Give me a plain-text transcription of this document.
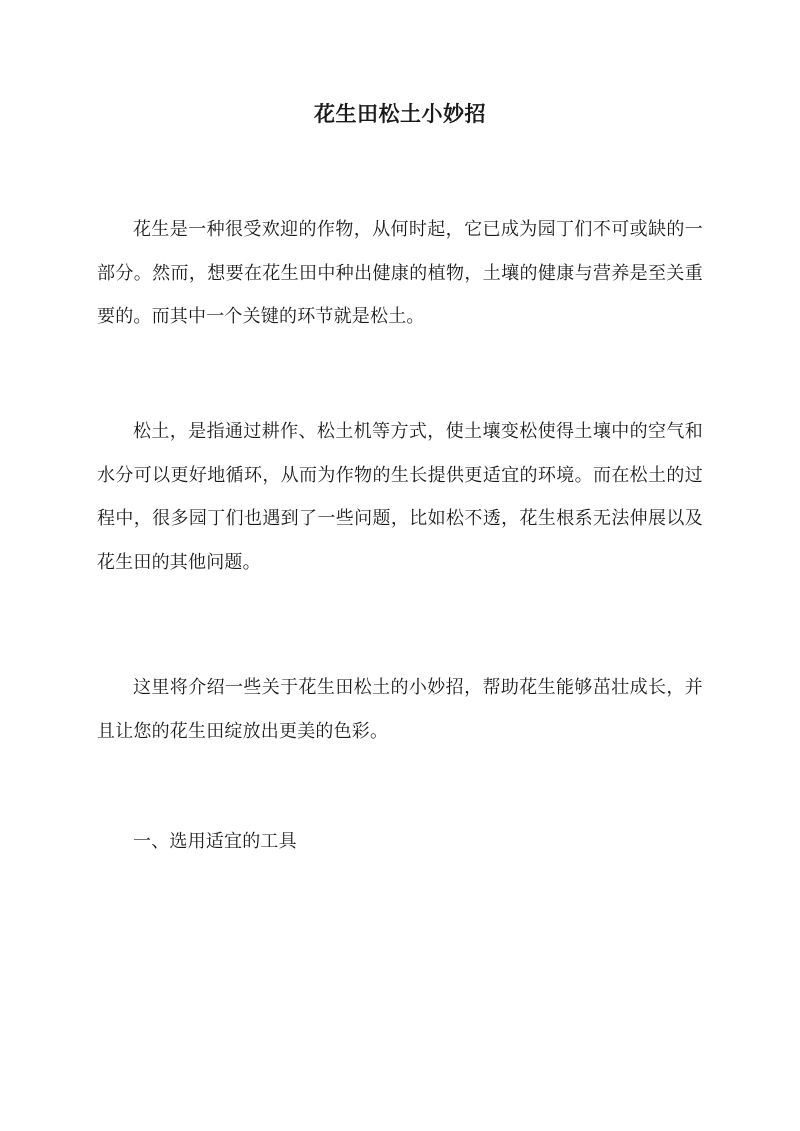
花生田松土小妙招

花生是一种很受欢迎的作物，从何时起，它已成为园丁们不可或缺的一部分。然而，想要在花生田中种出健康的植物，土壤的健康与营养是至关重要的。而其中一个关键的环节就是松土。

松土，是指通过耕作、松土机等方式，使土壤变松使得土壤中的空气和水分可以更好地循环，从而为作物的生长提供更适宜的环境。而在松土的过程中，很多园丁们也遇到了一些问题，比如松不透，花生根系无法伸展以及花生田的其他问题。

这里将介绍一些关于花生田松土的小妙招，帮助花生能够茁壮成长，并且让您的花生田绽放出更美的色彩。

一、选用适宜的工具
